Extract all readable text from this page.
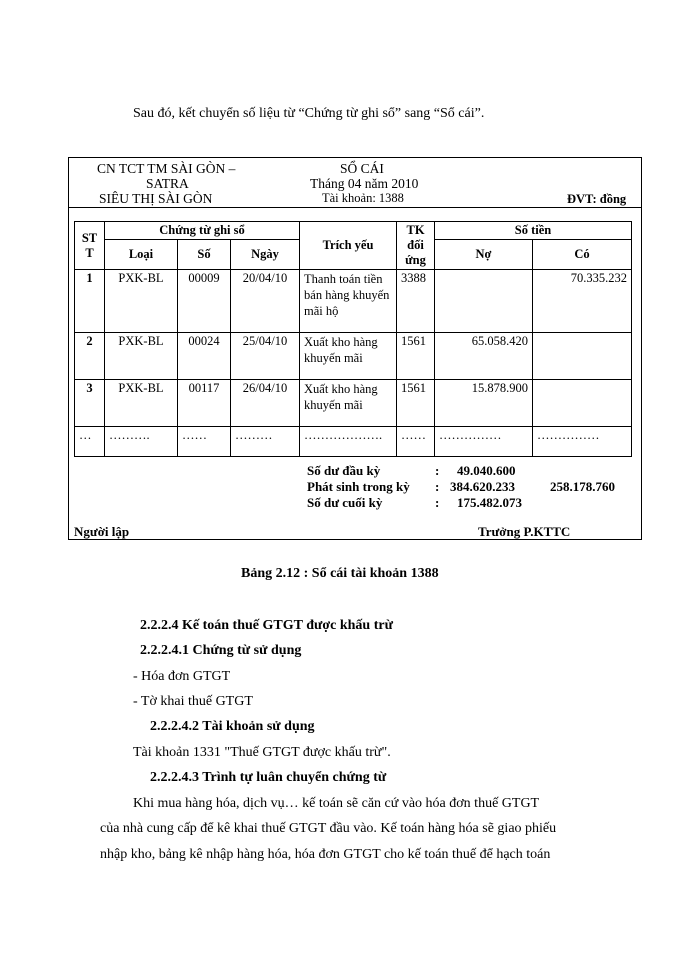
Sau đó, kết chuyển số liệu từ “Chứng từ ghi sổ” sang “Sổ cái”.
CN TCT TM SÀI GÒN –
SATRA
SIÊU THỊ SÀI GÒN
SỔ CÁI
Tháng 04 năm 2010
Tài khoản: 1388	ĐVT: đồng
ST T	Chứng từ ghi sổ			Trích yếu	TK đối ứng	Số tiền	
	Loại	Số	Ngày			Nợ	Có
1	PXK-BL	00009	20/04/10	Thanh toán tiền bán hàng khuyến mãi hộ	3388		70.335.232
2	PXK-BL	00024	25/04/10	Xuất kho hàng khuyến mãi	1561	65.058.420	
3	PXK-BL	00117	26/04/10	Xuất kho hàng khuyến mãi	1561	15.878.900	
…	……….	……	………	……………….	……	……………	……………
Số dư đầu kỳ	: 49.040.600
Phát sinh trong kỳ : 384.620.233	258.178.760
Số dư cuối kỳ	: 175.482.073
Người lập	Trưởng P.KTTC
Bảng 2.12 : Sổ cái tài khoản 1388
2.2.2.4 Kế toán thuế GTGT được khấu trừ
2.2.2.4.1 Chứng từ sử dụng
- Hóa đơn GTGT
- Tờ khai thuế GTGT
2.2.2.4.2 Tài khoản sử dụng
Tài khoản 1331 "Thuế GTGT được khấu trừ".
2.2.2.4.3 Trình tự luân chuyển chứng từ
Khi mua hàng hóa, dịch vụ… kế toán sẽ căn cứ vào hóa đơn thuế GTGT
của nhà cung cấp để kê khai thuế GTGT đầu vào. Kế toán hàng hóa sẽ giao phiếu
nhập kho, bảng kê nhập hàng hóa, hóa đơn GTGT cho kế toán thuế để hạch toán
